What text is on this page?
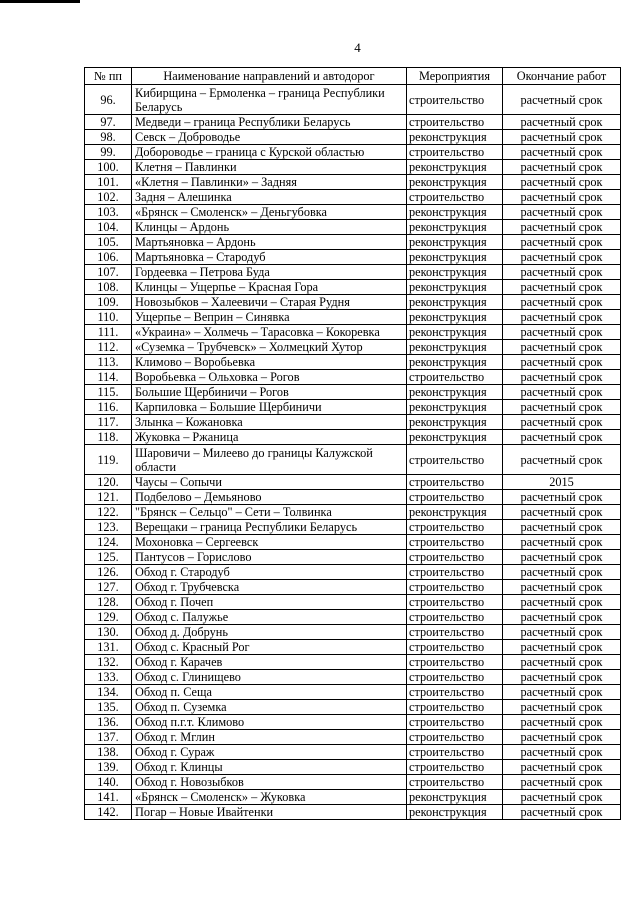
4
№ пп	Наименование направлений и автодорог	Мероприятия	Окончание работ
96.	Кибирщина – Ермоленка – граница Республики Беларусь	строительство	расчетный срок
97.	Медведи – граница Республики Беларусь	строительство	расчетный срок
98.	Севск – Доброводье	реконструкция	расчетный срок
99.	Добороводье – граница с Курской областью	строительство	расчетный срок
100.	Клетня – Павлинки	реконструкция	расчетный срок
101.	«Клетня – Павлинки» – Задняя	реконструкция	расчетный срок
102.	Задня – Алешинка	строительство	расчетный срок
103.	«Брянск – Смоленск» – Деньгубовка	реконструкция	расчетный срок
104.	Клинцы – Ардонь	реконструкция	расчетный срок
105.	Мартьяновка – Ардонь	реконструкция	расчетный срок
106.	Мартьяновка – Стародуб	реконструкция	расчетный срок
107.	Гордеевка – Петрова Буда	реконструкция	расчетный срок
108.	Клинцы – Ущерпье – Красная Гора	реконструкция	расчетный срок
109.	Новозыбков – Халеевичи – Старая Рудня	реконструкция	расчетный срок
110.	Ущерпье – Веприн – Синявка	реконструкция	расчетный срок
111.	«Украина» – Холмечь – Тарасовка – Кокоревка	реконструкция	расчетный срок
112.	«Суземка – Трубчевск» – Холмецкий Хутор	реконструкция	расчетный срок
113.	Климово – Воробьевка	реконструкция	расчетный срок
114.	Воробьевка – Ольховка – Рогов	строительство	расчетный срок
115.	Большие Щербиничи – Рогов	реконструкция	расчетный срок
116.	Карпиловка – Большие Щербиничи	реконструкция	расчетный срок
117.	Злынка – Кожановка	реконструкция	расчетный срок
118.	Жуковка – Ржаница	реконструкция	расчетный срок
119.	Шаровичи – Милеево до границы Калужской области	строительство	расчетный срок
120.	Чаусы – Сопычи	строительство	2015
121.	Подбелово – Демьяново	строительство	расчетный срок
122.	"Брянск – Сельцо" – Сети – Толвинка	реконструкция	расчетный срок
123.	Верещаки – граница Республики Беларусь	строительство	расчетный срок
124.	Мохоновка – Сергеевск	строительство	расчетный срок
125.	Пантусов – Горислово	строительство	расчетный срок
126.	Обход г. Стародуб	строительство	расчетный срок
127.	Обход г. Трубчевска	строительство	расчетный срок
128.	Обход г. Почеп	строительство	расчетный срок
129.	Обход с. Палужье	строительство	расчетный срок
130.	Обход д. Добрунь	строительство	расчетный срок
131.	Обход с. Красный Рог	строительство	расчетный срок
132.	Обход г. Карачев	строительство	расчетный срок
133.	Обход с. Глинищево	строительство	расчетный срок
134.	Обход п. Сеща	строительство	расчетный срок
135.	Обход п. Суземка	строительство	расчетный срок
136.	Обход п.г.т. Климово	строительство	расчетный срок
137.	Обход г. Мглин	строительство	расчетный срок
138.	Обход г. Сураж	строительство	расчетный срок
139.	Обход г. Клинцы	строительство	расчетный срок
140.	Обход г. Новозыбков	строительство	расчетный срок
141.	«Брянск – Смоленск» – Жуковка	реконструкция	расчетный срок
142.	Погар – Новые Ивайтенки	реконструкция	расчетный срок
